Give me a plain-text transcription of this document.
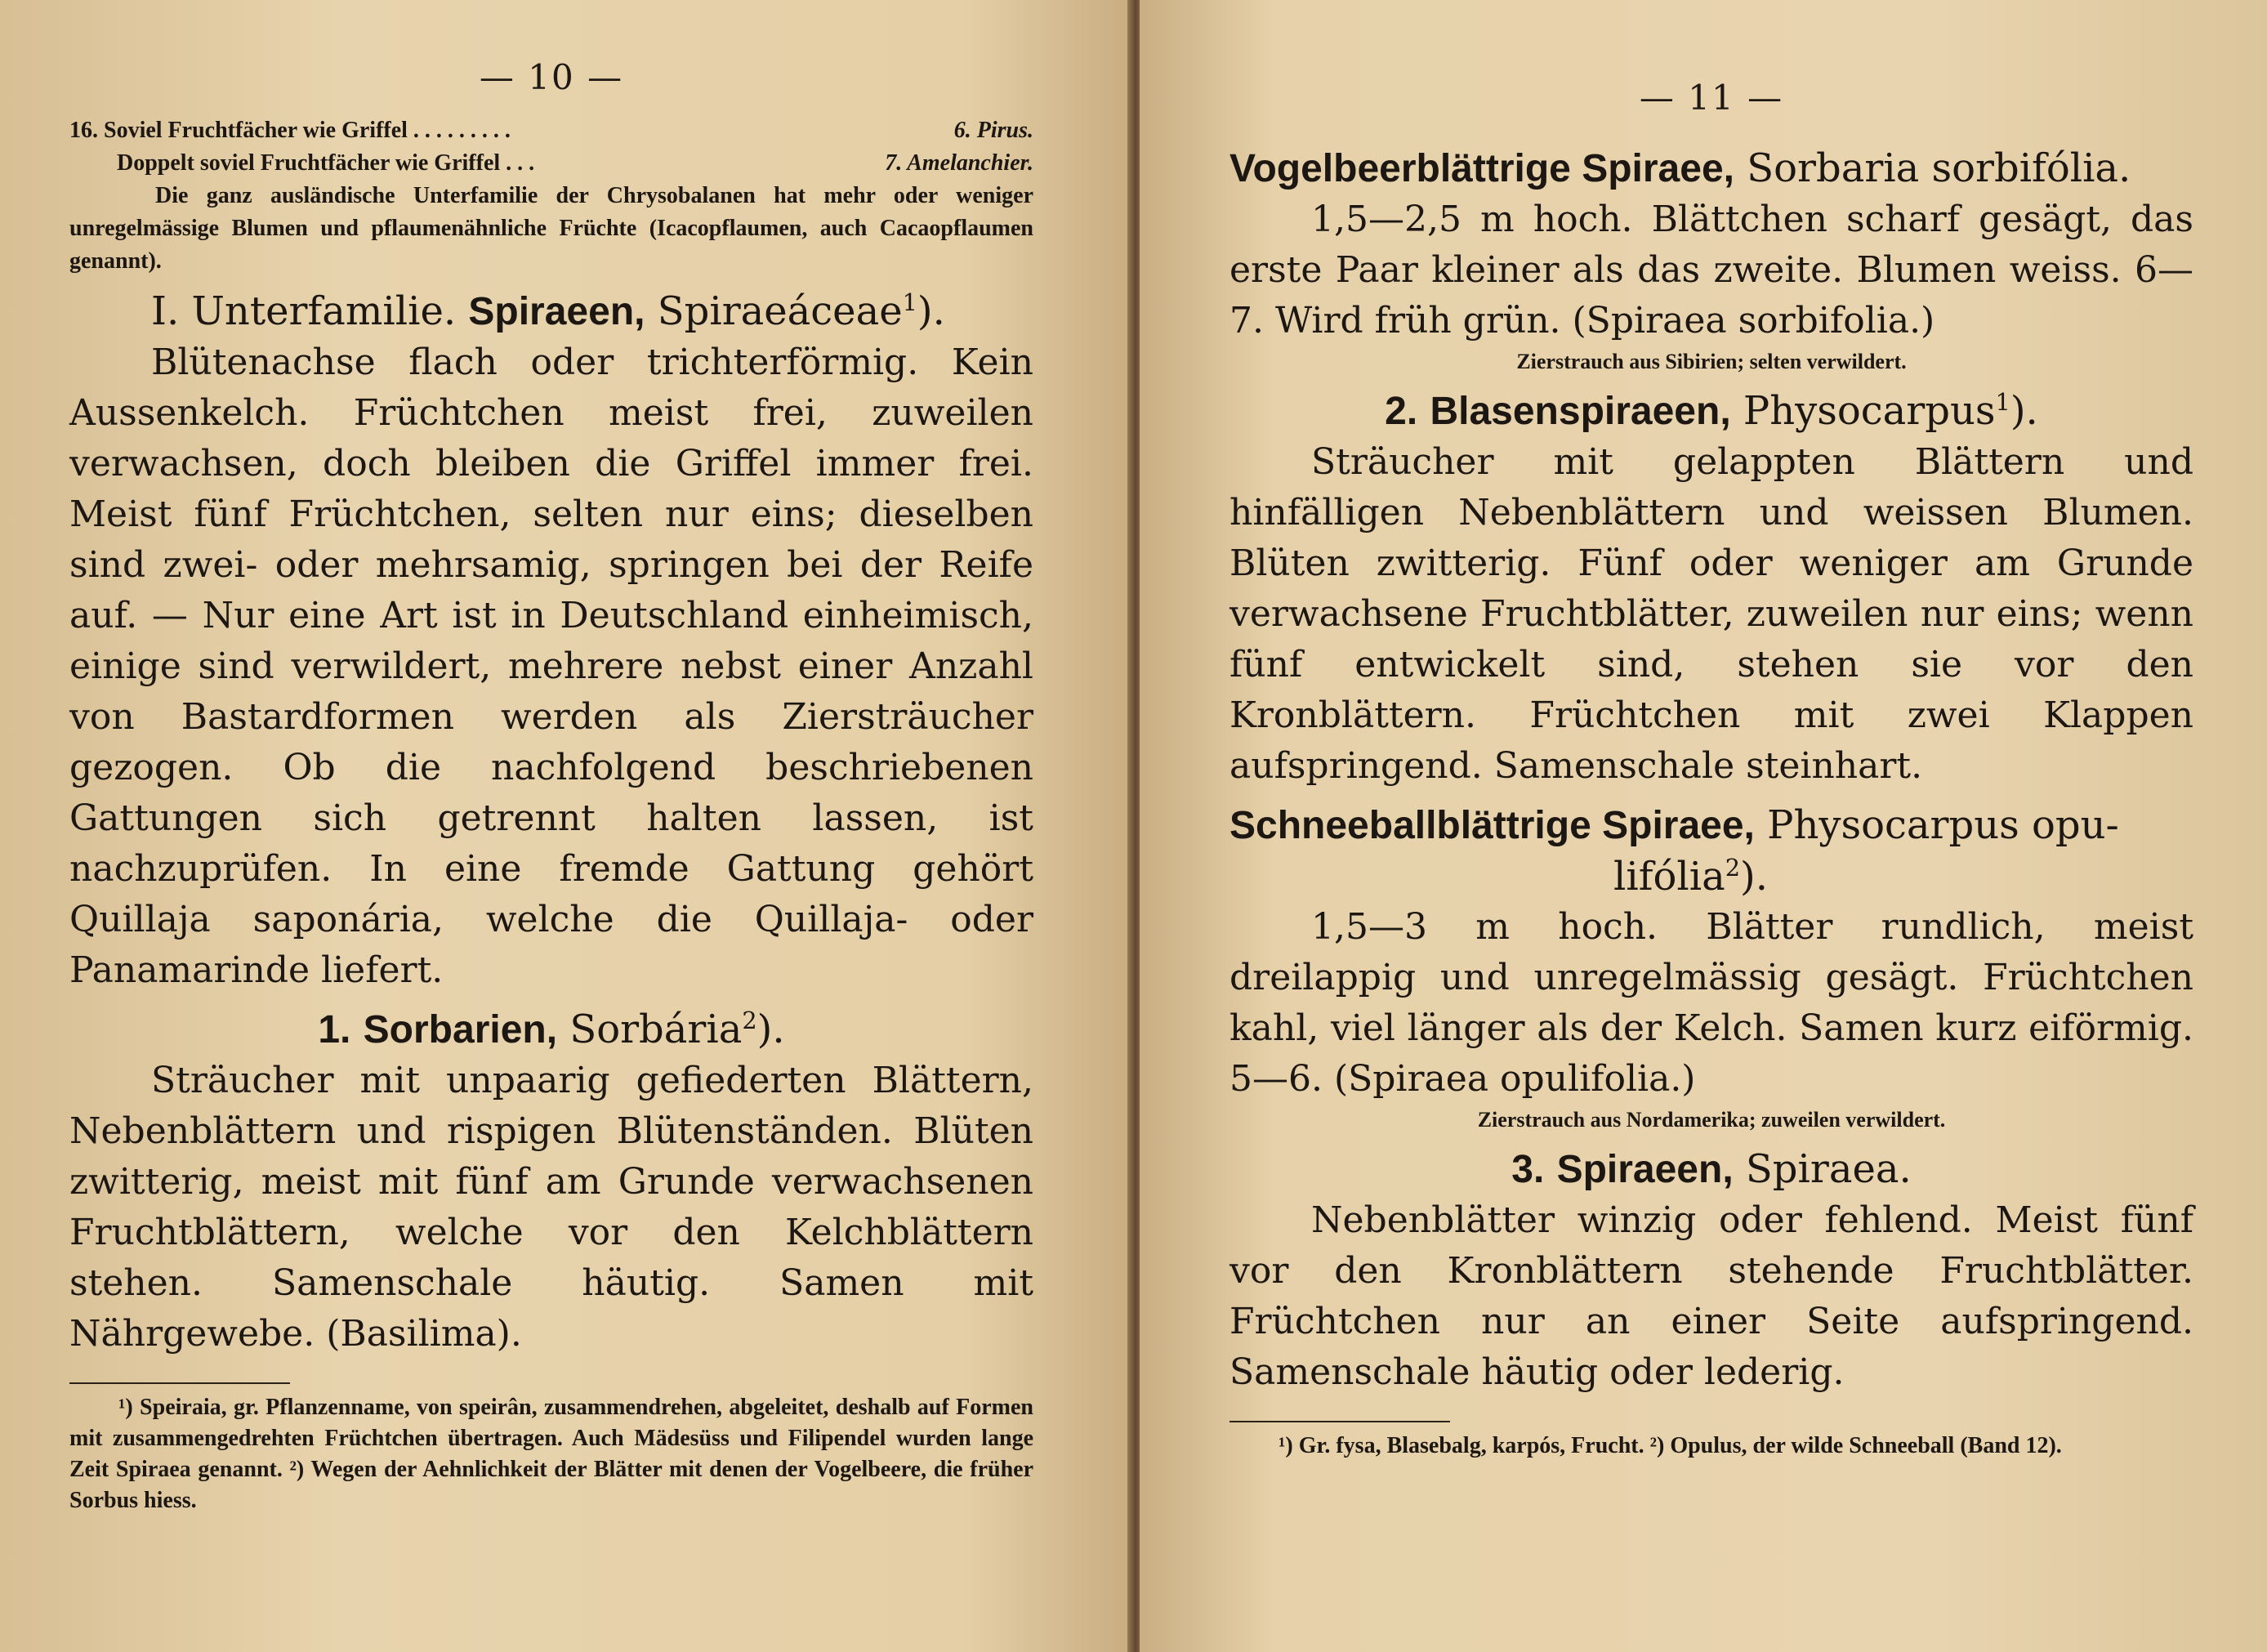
— 10 —
16. Soviel Fruchtfächer wie Griffel . . . . . . . . .	6. Pirus.
Doppelt soviel Fruchtfächer wie Griffel . . .	7. Amelanchier.
Die ganz ausländische Unterfamilie der Chrysobalanen hat mehr oder weniger unregelmässige Blumen und pflaumenähnliche Früchte (Icacopflaumen, auch Cacaopflaumen genannt).
I. Unterfamilie. Spiraeen, Spiraeáceae$^1$).

Blütenachse flach oder trichterförmig. Kein Aussenkelch. Früchtchen meist frei, zuweilen verwachsen, doch bleiben die Griffel immer frei. Meist fünf Früchtchen, selten nur eins; dieselben sind zwei- oder mehrsamig, springen bei der Reife auf. — Nur eine Art ist in Deutschland einheimisch, einige sind verwildert, mehrere nebst einer Anzahl von Bastardformen werden als Ziersträucher gezogen. Ob die nachfolgend beschriebenen Gattungen sich getrennt halten lassen, ist nachzuprüfen. In eine fremde Gattung gehört Quillaja saponária, welche die Quillaja- oder Panamarinde liefert.

1. Sorbarien, Sorbária$^2$).

Sträucher mit unpaarig gefiederten Blättern, Nebenblättern und rispigen Blütenständen. Blüten zwitterig, meist mit fünf am Grunde verwachsenen Fruchtblättern, welche vor den Kelchblättern stehen. Samenschale häutig. Samen mit Nährgewebe. (Basilima).

¹) Speiraia, gr. Pflanzenname, von speirân, zusammendrehen, abgeleitet, deshalb auf Formen mit zusammengedrehten Früchtchen übertragen. Auch Mädesüss und Filipendel wurden lange Zeit Spiraea genannt. ²) Wegen der Aehnlichkeit der Blätter mit denen der Vogelbeere, die früher Sorbus hiess.
— 11 —
Vogelbeerblättrige Spiraee, Sorbaria sorbifólia.

1,5—2,5 m hoch. Blättchen scharf gesägt, das erste Paar kleiner als das zweite. Blumen weiss. 6—7. Wird früh grün. (Spiraea sorbifolia.)

Zierstrauch aus Sibirien; selten verwildert.
2. Blasenspiraeen, Physocarpus$^1$).

Sträucher mit gelappten Blättern und hinfälligen Nebenblättern und weissen Blumen. Blüten zwitterig. Fünf oder weniger am Grunde verwachsene Fruchtblätter, zuweilen nur eins; wenn fünf entwickelt sind, stehen sie vor den Kronblättern. Früchtchen mit zwei Klappen aufspringend. Samenschale steinhart.

Schneeballblättrige Spiraee, Physocarpus opu-
lifólia$^2$).

1,5—3 m hoch. Blätter rundlich, meist dreilappig und unregelmässig gesägt. Früchtchen kahl, viel länger als der Kelch. Samen kurz eiförmig. 5—6. (Spiraea opulifolia.)

Zierstrauch aus Nordamerika; zuweilen verwildert.
3. Spiraeen, Spiraea.

Nebenblätter winzig oder fehlend. Meist fünf vor den Kronblättern stehende Fruchtblätter. Früchtchen nur an einer Seite aufspringend. Samenschale häutig oder lederig.

¹) Gr. fysa, Blasebalg, karpós, Frucht. ²) Opulus, der wilde Schneeball (Band 12).
